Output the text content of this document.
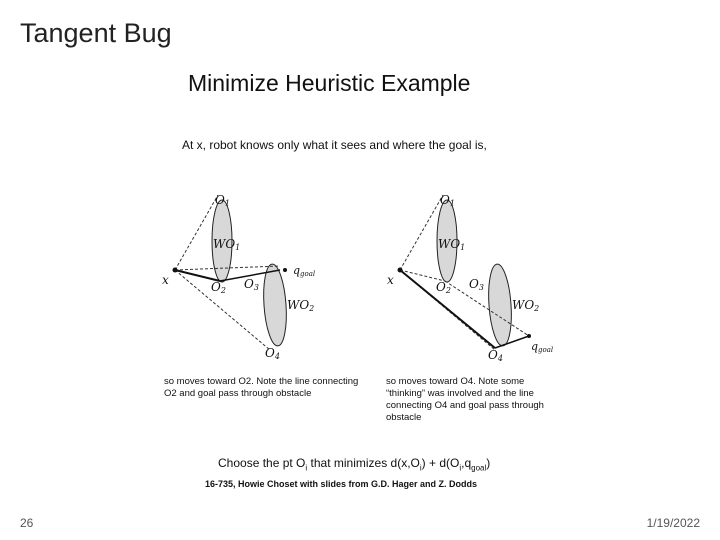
Tangent Bug
Minimize Heuristic Example
At x, robot knows only what it sees and where the goal is,
x
O1
O2 O3
O4
WO1
WO2
qgoal	x
O1
O2 O3
O4
WO1
WO2
qgoal
so moves toward O2. Note the line connecting O2 and goal pass through obstacle
so moves toward O4. Note some “thinking” was involved and the line connecting O4 and goal pass through obstacle
Choose the pt $O_i$ that minimizes $d(x,O_i) + d(O_i,q_{goal})$
16-735, Howie Choset with slides from G.D. Hager and Z. Dodds
26	1/19/2022
